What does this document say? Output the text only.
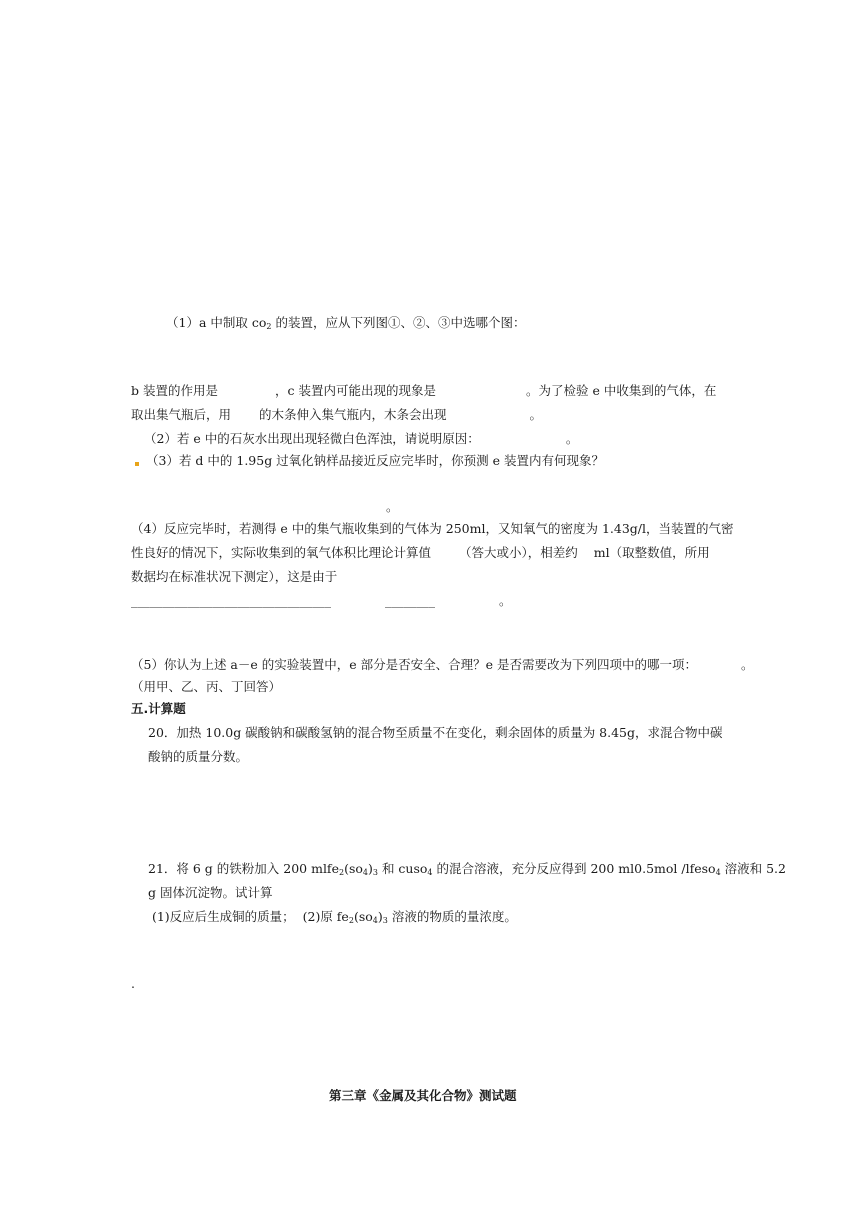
（1）a 中制取 $co_2$ 的装置，应从下列图①、②、③中选哪个图：
b 装置的作用是	，c 装置内可能出现的现象是	。为了检验 e 中收集到的气体，在
取出集气瓶后，用 的木条伸入集气瓶内，木条会出现	。
（2）若 e 中的石灰水出现出现轻微白色浑浊，请说明原因：	。
（3）若 d 中的 1.95g 过氧化钠样品接近反应完毕时，你预测 e 装置内有何现象？
。
（4）反应完毕时，若测得 e 中的集气瓶收集到的气体为 250ml，又知氧气的密度为 1.43g/l，当装置的气密
性良好的情况下，实际收集到的氧气体积比理论计算值 （答大或小），相差约 ml（取整数值，所用
数据均在标准状况下测定），这是由于
________________________________	________	。
（5）你认为上述 a－e 的实验装置中，e 部分是否安全、合理？e 是否需要改为下列四项中的哪一项：	。
（用甲、乙、丙、丁回答）
五.计算题
20．加热 10.0g 碳酸钠和碳酸氢钠的混合物至质量不在变化，剩余固体的质量为 8.45g，求混合物中碳
酸钠的质量分数。
21．将 6 g 的铁粉加入 200 $mlfe_2(so_4)_3$ 和 cuso$_4$ 的混合溶液，充分反应得到 200 ml0.5mol /lfeso$_4$ 溶液和 5.2
g 固体沉淀物。试计算
(1)反应后生成铜的质量；  (2)原 $fe_2(so_4)_3$ 溶液的物质的量浓度。
.
第三章《金属及其化合物》测试题
